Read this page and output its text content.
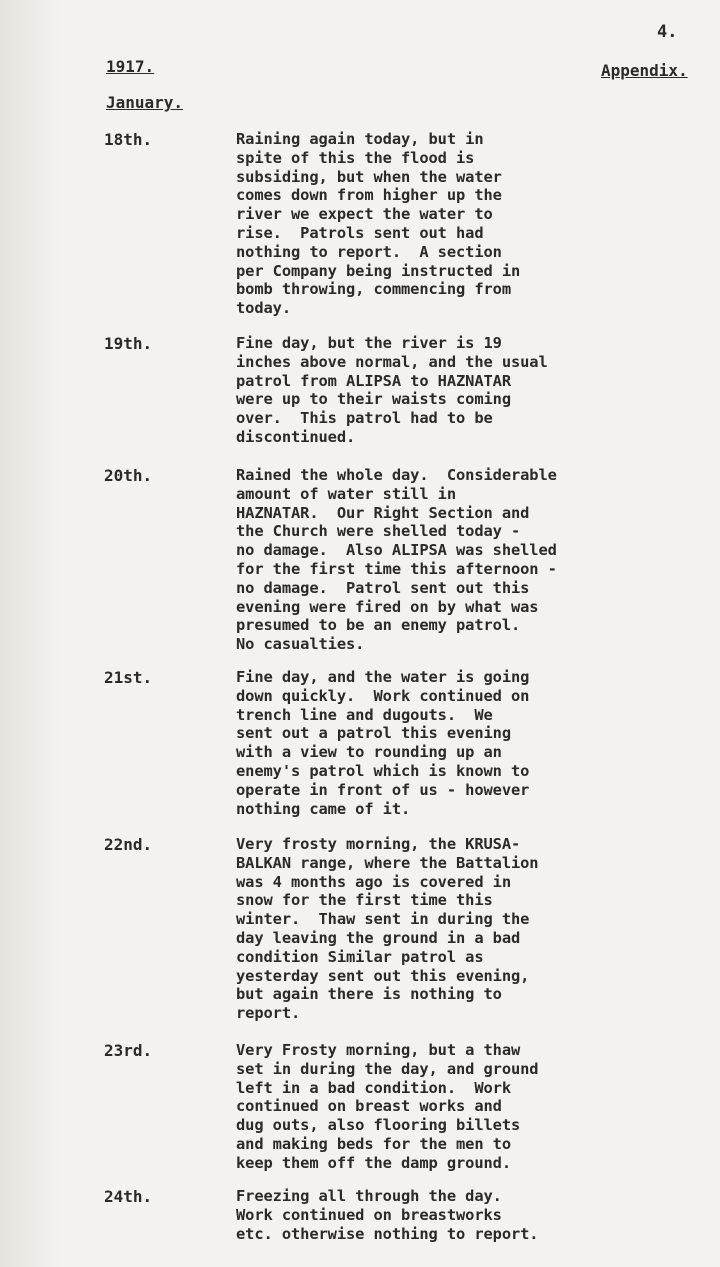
4.
1917.	Appendix.
January.
18th.	Raining again today, but in
spite of this the flood is
subsiding, but when the water
comes down from higher up the
river we expect the water to
rise.  Patrols sent out had
nothing to report.  A section
per Company being instructed in
bomb throwing, commencing from
today.
19th.	Fine day, but the river is 19
inches above normal, and the usual
patrol from ALIPSA to HAZNATAR
were up to their waists coming
over.  This patrol had to be
discontinued.
20th.	Rained the whole day.  Considerable
amount of water still in
HAZNATAR.  Our Right Section and
the Church were shelled today -
no damage.  Also ALIPSA was shelled
for the first time this afternoon -
no damage.  Patrol sent out this
evening were fired on by what was
presumed to be an enemy patrol.
No casualties.
21st.	Fine day, and the water is going
down quickly.  Work continued on
trench line and dugouts.  We
sent out a patrol this evening
with a view to rounding up an
enemy's patrol which is known to
operate in front of us - however
nothing came of it.
22nd.	Very frosty morning, the KRUSA-
BALKAN range, where the Battalion
was 4 months ago is covered in
snow for the first time this
winter.  Thaw sent in during the
day leaving the ground in a bad
condition Similar patrol as
yesterday sent out this evening,
but again there is nothing to
report.
23rd.	Very Frosty morning, but a thaw
set in during the day, and ground
left in a bad condition.  Work
continued on breast works and
dug outs, also flooring billets
and making beds for the men to
keep them off the damp ground.
24th.	Freezing all through the day.
Work continued on breastworks
etc. otherwise nothing to report.
